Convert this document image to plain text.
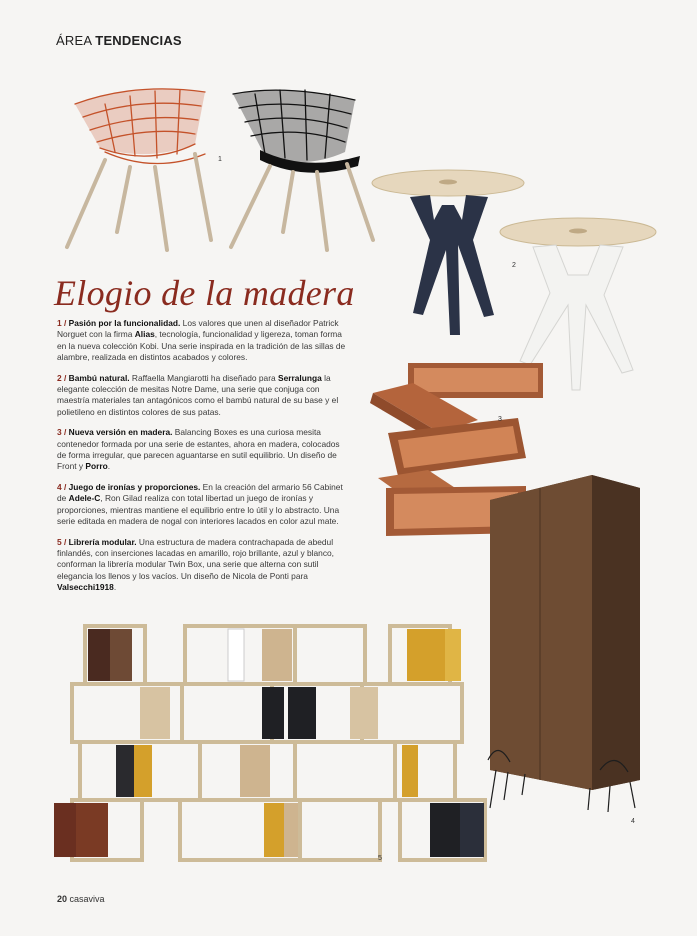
ÁREA TENDENCIAS
1
2
Elogio de la madera

1 / Pasión por la funcionalidad. Los valores que unen al diseñador Patrick Norguet con la firma Alias, tecnología, funcionalidad y ligereza, toman forma en la nueva colección Kobi. Una serie inspirada en la tradición de las sillas de alambre, realizada en distintos acabados y colores.

2 / Bambú natural. Raffaella Mangiarotti ha diseñado para Serralunga la elegante colección de mesitas Notre Dame, una serie que conjuga con maestría materiales tan antagónicos como el bambú natural de su base y el polietileno en distintos colores de sus patas.

3 / Nueva versión en madera. Balancing Boxes es una curiosa mesita contenedor formada por una serie de estantes, ahora en madera, colocados de forma irregular, que parecen aguantarse en sutil equilibrio. Un diseño de Front y Porro.

4 / Juego de ironías y proporciones. En la creación del armario 56 Cabinet de Adele-C, Ron Gilad realiza con total libertad un juego de ironías y proporciones, mientras mantiene el equilibrio entre lo útil y lo abstracto. Una serie editada en madera de nogal con interiores lacados en color azul mate.

5 / Librería modular. Una estructura de madera contrachapada de abedul finlandés, con inserciones lacadas en amarillo, rojo brillante, azul y blanco, conforman la librería modular Twin Box, una serie que alterna con sutil elegancia los llenos y los vacíos. Un diseño de Nicola de Ponti para Valsecchi1918.

3
4
5
20 casaviva
